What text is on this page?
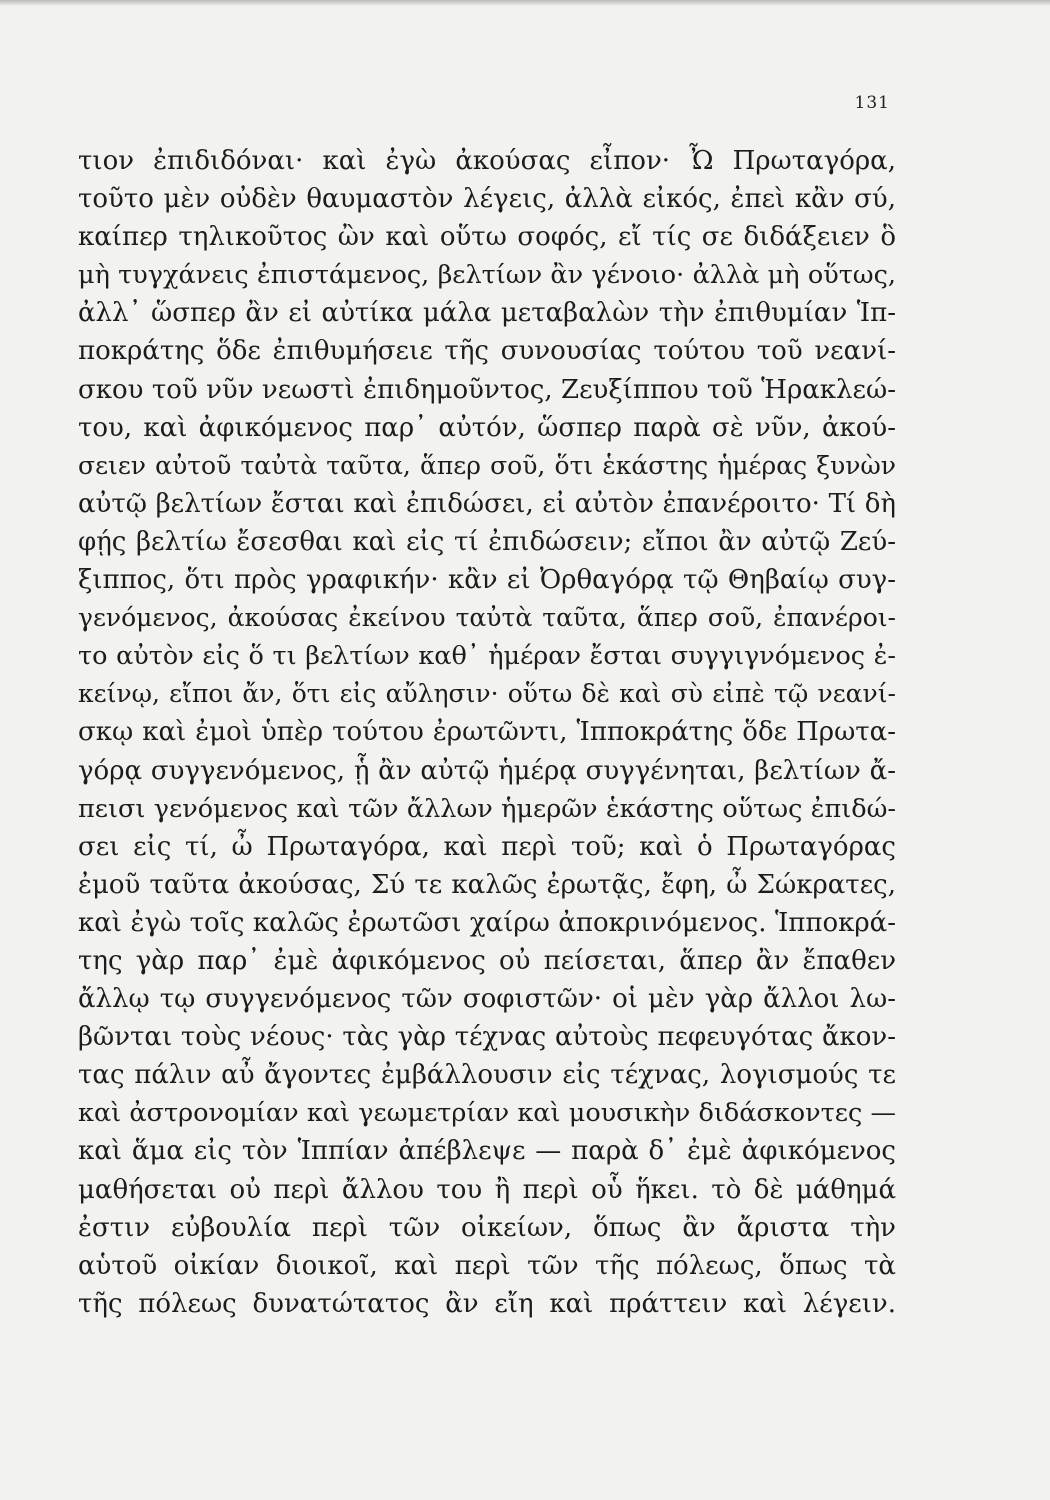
131
τιον ἐπιδιδόναι· καὶ ἐγὼ ἀκούσας εἶπον· Ὦ Πρωταγόρα,
τοῦτο μὲν οὐδὲν θαυμαστὸν λέγεις, ἀλλὰ εἰκός, ἐπεὶ κἂν σύ,
καίπερ τηλικοῦτος ὢν καὶ οὕτω σοφός, εἴ τίς σε διδάξειεν ὃ
μὴ τυγχάνεις ἐπιστάμενος, βελτίων ἂν γένοιο· ἀλλὰ μὴ οὕτως,
ἀλλ᾽ ὥσπερ ἂν εἰ αὐτίκα μάλα μεταβαλὼν τὴν ἐπιθυμίαν Ἱπ-
ποκράτης ὅδε ἐπιθυμήσειε τῆς συνουσίας τούτου τοῦ νεανί-
σκου τοῦ νῦν νεωστὶ ἐπιδημοῦντος, Ζευξίππου τοῦ Ἡρακλεώ-
του, καὶ ἀφικόμενος παρ᾽ αὐτόν, ὥσπερ παρὰ σὲ νῦν, ἀκού-
σειεν αὐτοῦ ταὐτὰ ταῦτα, ἅπερ σοῦ, ὅτι ἑκάστης ἡμέρας ξυνὼν
αὐτῷ βελτίων ἔσται καὶ ἐπιδώσει, εἰ αὐτὸν ἐπανέροιτο· Τί δὴ
φῄς βελτίω ἔσεσθαι καὶ εἰς τί ἐπιδώσειν; εἴποι ἂν αὐτῷ Ζεύ-
ξιππος, ὅτι πρὸς γραφικήν· κἂν εἰ Ὀρθαγόρᾳ τῷ Θηβαίῳ συγ-
γενόμενος, ἀκούσας ἐκείνου ταὐτὰ ταῦτα, ἅπερ σοῦ, ἐπανέροι-
το αὐτὸν εἰς ὅ τι βελτίων καθ᾽ ἡμέραν ἔσται συγγιγνόμενος ἐ-
κείνῳ, εἴποι ἄν, ὅτι εἰς αὔλησιν· οὕτω δὲ καὶ σὺ εἰπὲ τῷ νεανί-
σκῳ καὶ ἐμοὶ ὑπὲρ τούτου ἐρωτῶντι, Ἱπποκράτης ὅδε Πρωτα-
γόρᾳ συγγενόμενος, ᾗ ἂν αὐτῷ ἡμέρᾳ συγγένηται, βελτίων ἄ-
πεισι γενόμενος καὶ τῶν ἄλλων ἡμερῶν ἑκάστης οὕτως ἐπιδώ-
σει εἰς τί, ὦ Πρωταγόρα, καὶ περὶ τοῦ; καὶ ὁ Πρωταγόρας
ἐμοῦ ταῦτα ἀκούσας, Σύ τε καλῶς ἐρωτᾷς, ἔφη, ὦ Σώκρατες,
καὶ ἐγὼ τοῖς καλῶς ἐρωτῶσι χαίρω ἀποκρινόμενος. Ἱπποκρά-
της γὰρ παρ᾽ ἐμὲ ἀφικόμενος οὐ πείσεται, ἅπερ ἂν ἔπαθεν
ἄλλῳ τῳ συγγενόμενος τῶν σοφιστῶν· οἱ μὲν γὰρ ἄλλοι λω-
βῶνται τοὺς νέους· τὰς γὰρ τέχνας αὐτοὺς πεφευγότας ἄκον-
τας πάλιν αὖ ἄγοντες ἐμβάλλουσιν εἰς τέχνας, λογισμούς τε
καὶ ἀστρονομίαν καὶ γεωμετρίαν καὶ μουσικὴν διδάσκοντες —
καὶ ἅμα εἰς τὸν Ἱππίαν ἀπέβλεψε — παρὰ δ᾽ ἐμὲ ἀφικόμενος
μαθήσεται οὐ περὶ ἄλλου του ἢ περὶ οὗ ἥκει. τὸ δὲ μάθημά
ἐστιν εὐβουλία περὶ τῶν οἰκείων, ὅπως ἂν ἄριστα τὴν
αὑτοῦ οἰκίαν διοικοῖ, καὶ περὶ τῶν τῆς πόλεως, ὅπως τὰ
τῆς πόλεως δυνατώτατος ἂν εἴη καὶ πράττειν καὶ λέγειν.
